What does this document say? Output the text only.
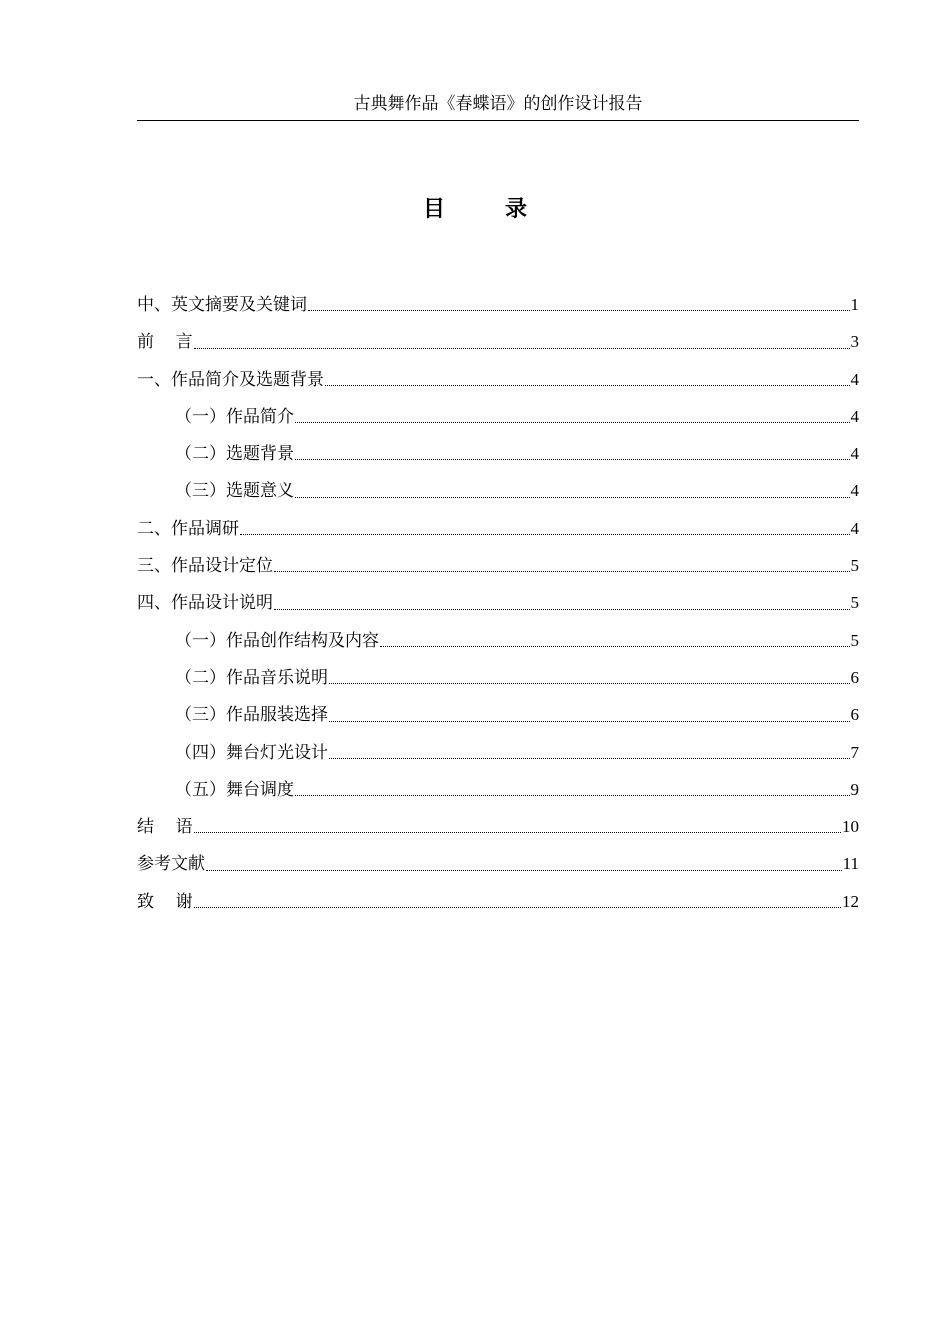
古典舞作品《春蝶语》的创作设计报告
目	录
中、英文摘要及关键词	1
前    言	3
一、作品简介及选题背景	4
（一）作品简介	4
（二）选题背景	4
（三）选题意义	4
二、作品调研	4
三、作品设计定位	5
四、作品设计说明	5
（一）作品创作结构及内容	5
（二）作品音乐说明	6
（三）作品服装选择	6
（四）舞台灯光设计	7
（五）舞台调度	9
结    语	10
参考文献	11
致    谢	12
